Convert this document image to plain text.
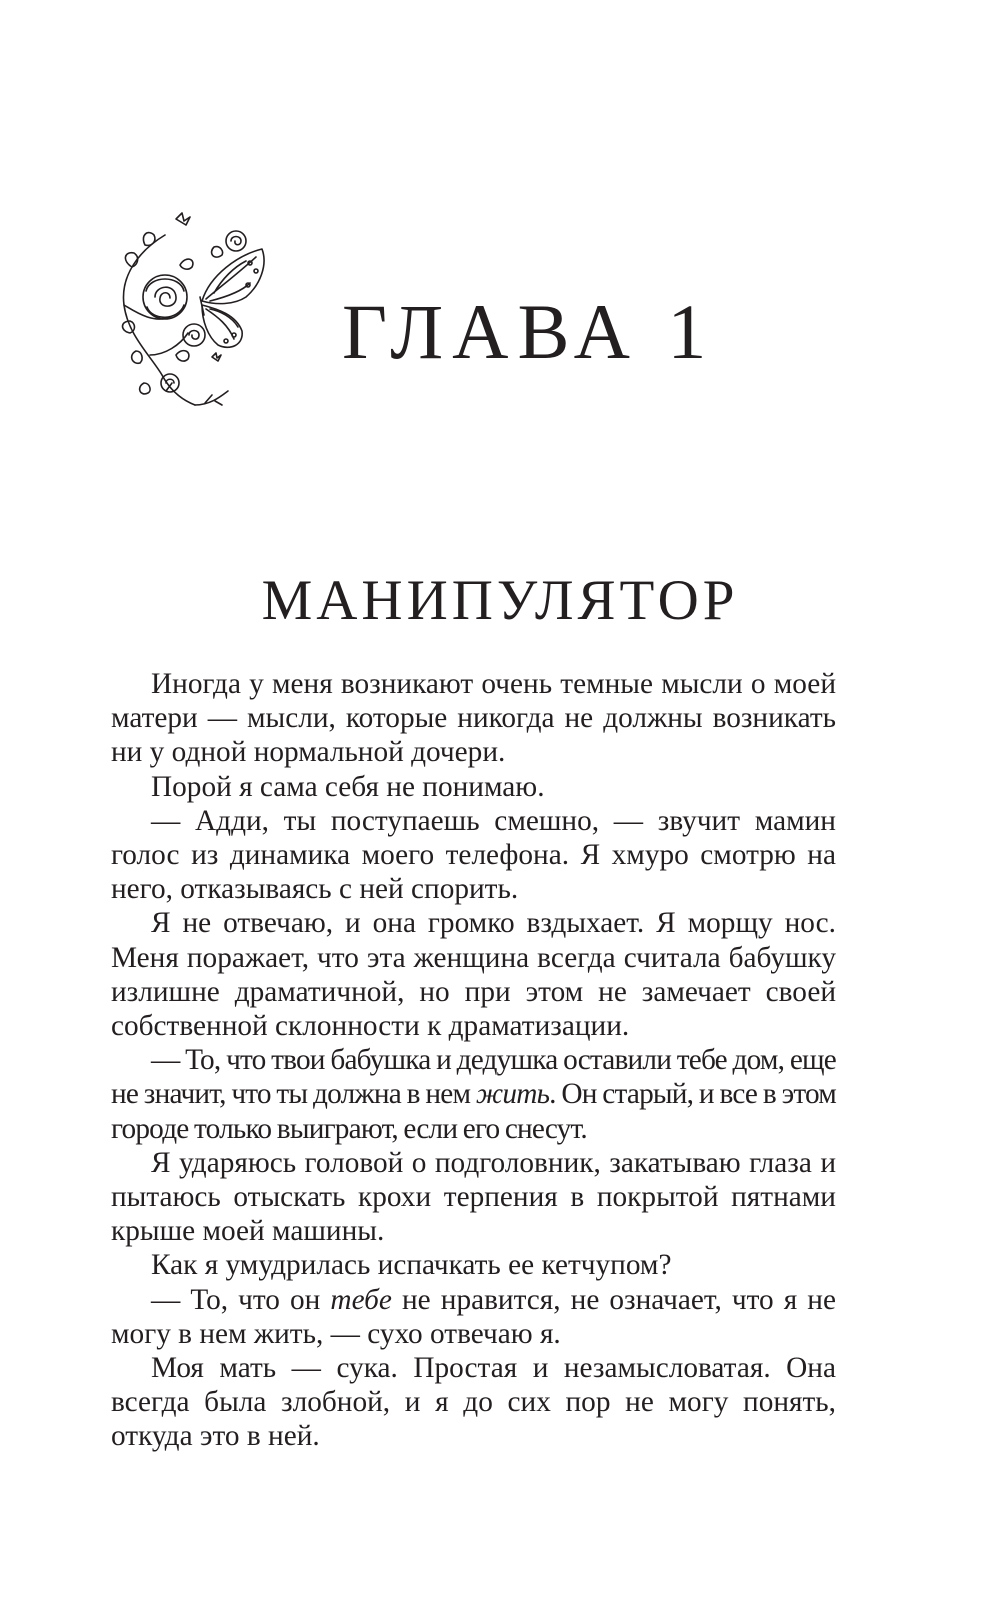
ГЛАВА 1
МАНИПУЛЯТОР

Иногда у меня возникают очень темные мысли о моей матери — мысли, которые никогда не должны возникать ни у одной нормальной дочери.

Порой я сама себя не понимаю.

— Адди, ты поступаешь смешно, — звучит мамин голос из динамика моего телефона. Я хмуро смотрю на него, отказываясь с ней спорить.

Я не отвечаю, и она громко вздыхает. Я морщу нос. Меня поражает, что эта женщина всегда считала бабушку излишне драматичной, но при этом не замечает своей собственной склонности к драматизации.

— То, что твои бабушка и дедушка оставили тебе дом, еще не значит, что ты должна в нем жить. Он старый, и все в этом городе только выиграют, если его снесут.

Я ударяюсь головой о подголовник, закатываю глаза и пытаюсь отыскать крохи терпения в покрытой пятнами крыше моей машины.

Как я умудрилась испачкать ее кетчупом?

— То, что он тебе не нравится, не означает, что я не могу в нем жить, — сухо отвечаю я.

Моя мать — сука. Простая и незамысловатая. Она всегда была злобной, и я до сих пор не могу понять, откуда это в ней.
